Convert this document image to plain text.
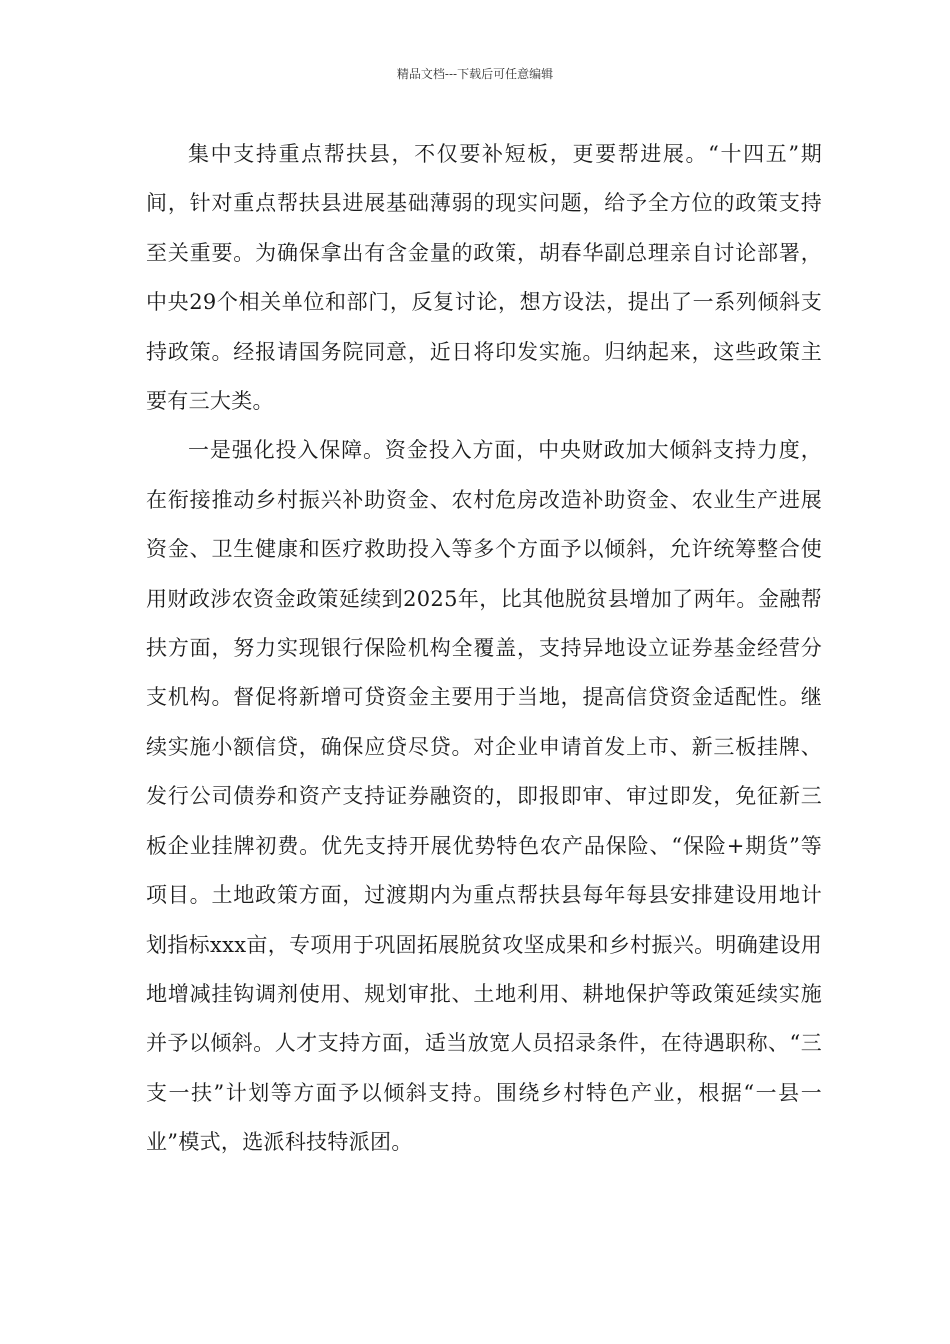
精品文档---下载后可任意编辑

集中支持重点帮扶县，不仅要补短板，更要帮进展。“十四五”期间，针对重点帮扶县进展基础薄弱的现实问题，给予全方位的政策支持至关重要。为确保拿出有含金量的政策，胡春华副总理亲自讨论部署，中央29个相关单位和部门，反复讨论，想方设法，提出了一系列倾斜支持政策。经报请国务院同意，近日将印发实施。归纳起来，这些政策主要有三大类。

一是强化投入保障。资金投入方面，中央财政加大倾斜支持力度，在衔接推动乡村振兴补助资金、农村危房改造补助资金、农业生产进展资金、卫生健康和医疗救助投入等多个方面予以倾斜，允许统筹整合使用财政涉农资金政策延续到2025年，比其他脱贫县增加了两年。金融帮扶方面，努力实现银行保险机构全覆盖，支持异地设立证券基金经营分支机构。督促将新增可贷资金主要用于当地，提高信贷资金适配性。继续实施小额信贷，确保应贷尽贷。对企业申请首发上市、新三板挂牌、发行公司债券和资产支持证券融资的，即报即审、审过即发，免征新三板企业挂牌初费。优先支持开展优势特色农产品保险、“保险+期货”等项目。土地政策方面，过渡期内为重点帮扶县每年每县安排建设用地计划指标xxx亩，专项用于巩固拓展脱贫攻坚成果和乡村振兴。明确建设用地增减挂钩调剂使用、规划审批、土地利用、耕地保护等政策延续实施并予以倾斜。人才支持方面，适当放宽人员招录条件，在待遇职称、“三支一扶”计划等方面予以倾斜支持。围绕乡村特色产业，根据“一县一业”模式，选派科技特派团。
